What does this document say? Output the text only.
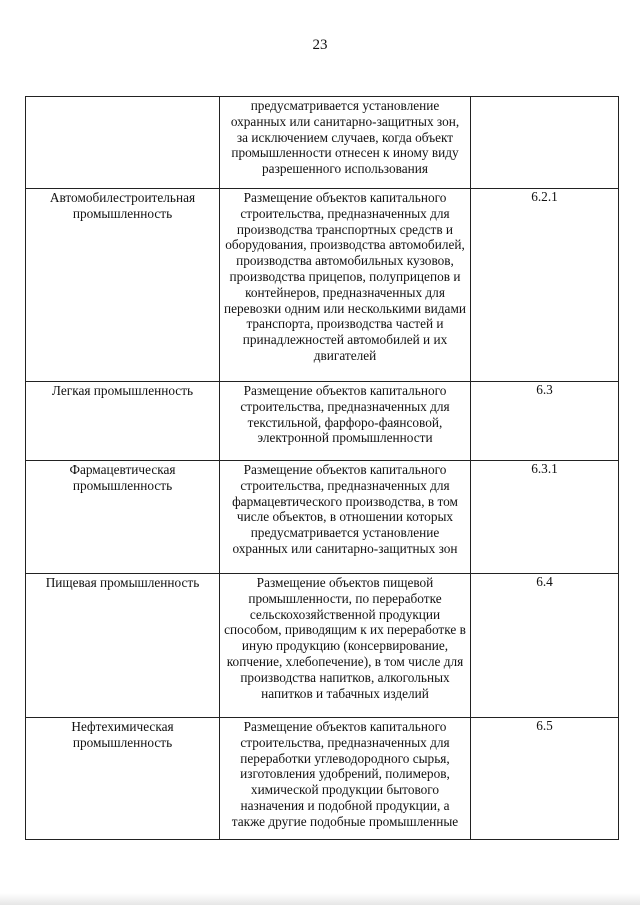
23
	предусматривается установление охранных или санитарно-защитных зон, за исключением случаев, когда объект промышленности отнесен к иному виду разрешенного использования	
Автомобилестроительная промышленность	Размещение объектов капитального строительства, предназначенных для производства транспортных средств и оборудования, производства автомобилей, производства автомобильных кузовов, производства прицепов, полуприцепов и контейнеров, предназначенных для перевозки одним или несколькими видами транспорта, производства частей и принадлежностей автомобилей и их двигателей	6.2.1
Легкая промышленность	Размещение объектов капитального строительства, предназначенных для текстильной, фарфоро-фаянсовой, электронной промышленности	6.3
Фармацевтическая промышленность	Размещение объектов капитального строительства, предназначенных для фармацевтического производства, в том числе объектов, в отношении которых предусматривается установление охранных или санитарно-защитных зон	6.3.1
Пищевая промышленность	Размещение объектов пищевой промышленности, по переработке сельскохозяйственной продукции способом, приводящим к их переработке в иную продукцию (консервирование, копчение, хлебопечение), в том числе для производства напитков, алкогольных напитков и табачных изделий	6.4
Нефтехимическая промышленность	Размещение объектов капитального строительства, предназначенных для переработки углеводородного сырья, изготовления удобрений, полимеров, химической продукции бытового назначения и подобной продукции, а также другие подобные промышленные	6.5
